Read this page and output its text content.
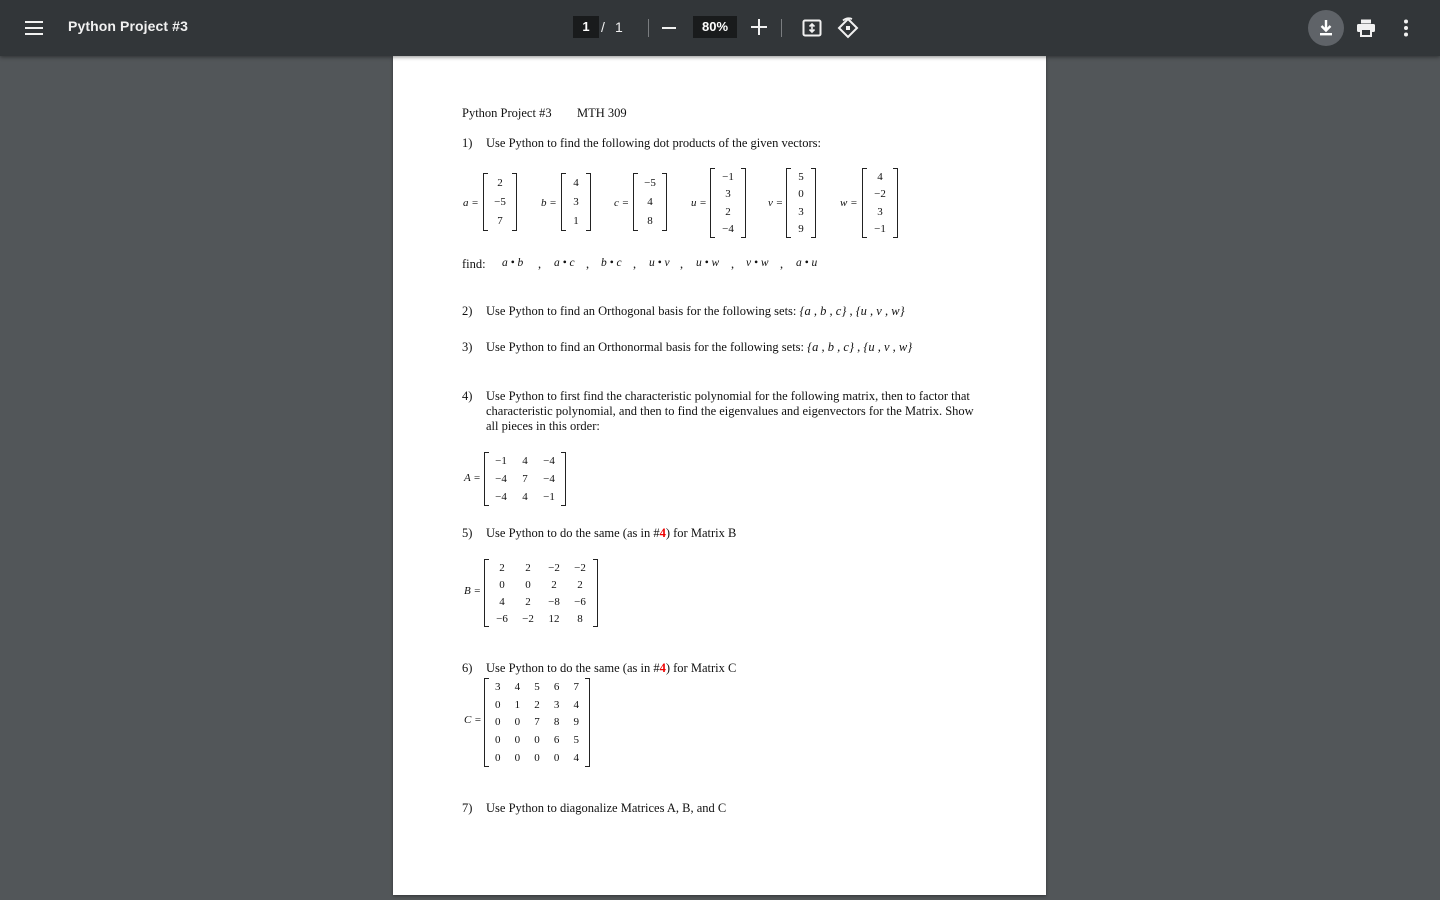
Python Project #3	1 / 1	80%
Python Project #3 MTH 309
1) Use Python to find the following dot products of the given vectors:
a =
2
−5
7
b =
4
3
1
c =
−5
4
8
u =
−1
3
2
−4
v =
5
0
3
9
w =
4
−2
3
−1
find: a • b , a • c , b • c , u • v , u • w , v • w , a • u
2) Use Python to find an Orthogonal basis for the following sets: {a , b , c} , {u , v , w}
3) Use Python to find an Orthonormal basis for the following sets: {a , b , c} , {u , v , w}
4) Use Python to first find the characteristic polynomial for the following matrix, then to factor that characteristic polynomial, and then to find the eigenvalues and eigenvectors for the Matrix. Show all pieces in this order:
A =
−1 4 −4
−4 7 −4
−4 4 −1
5) Use Python to do the same (as in #4) for Matrix B
B =
2 2 −2 −2
0 0 2 2
4 2 −8 −6
−6 −2 12 8
6) Use Python to do the same (as in #4) for Matrix C
C =
3 4 5 6 7
0 1 2 3 4
0 0 7 8 9
0 0 0 6 5
0 0 0 0 4
7) Use Python to diagonalize Matrices A, B, and C
